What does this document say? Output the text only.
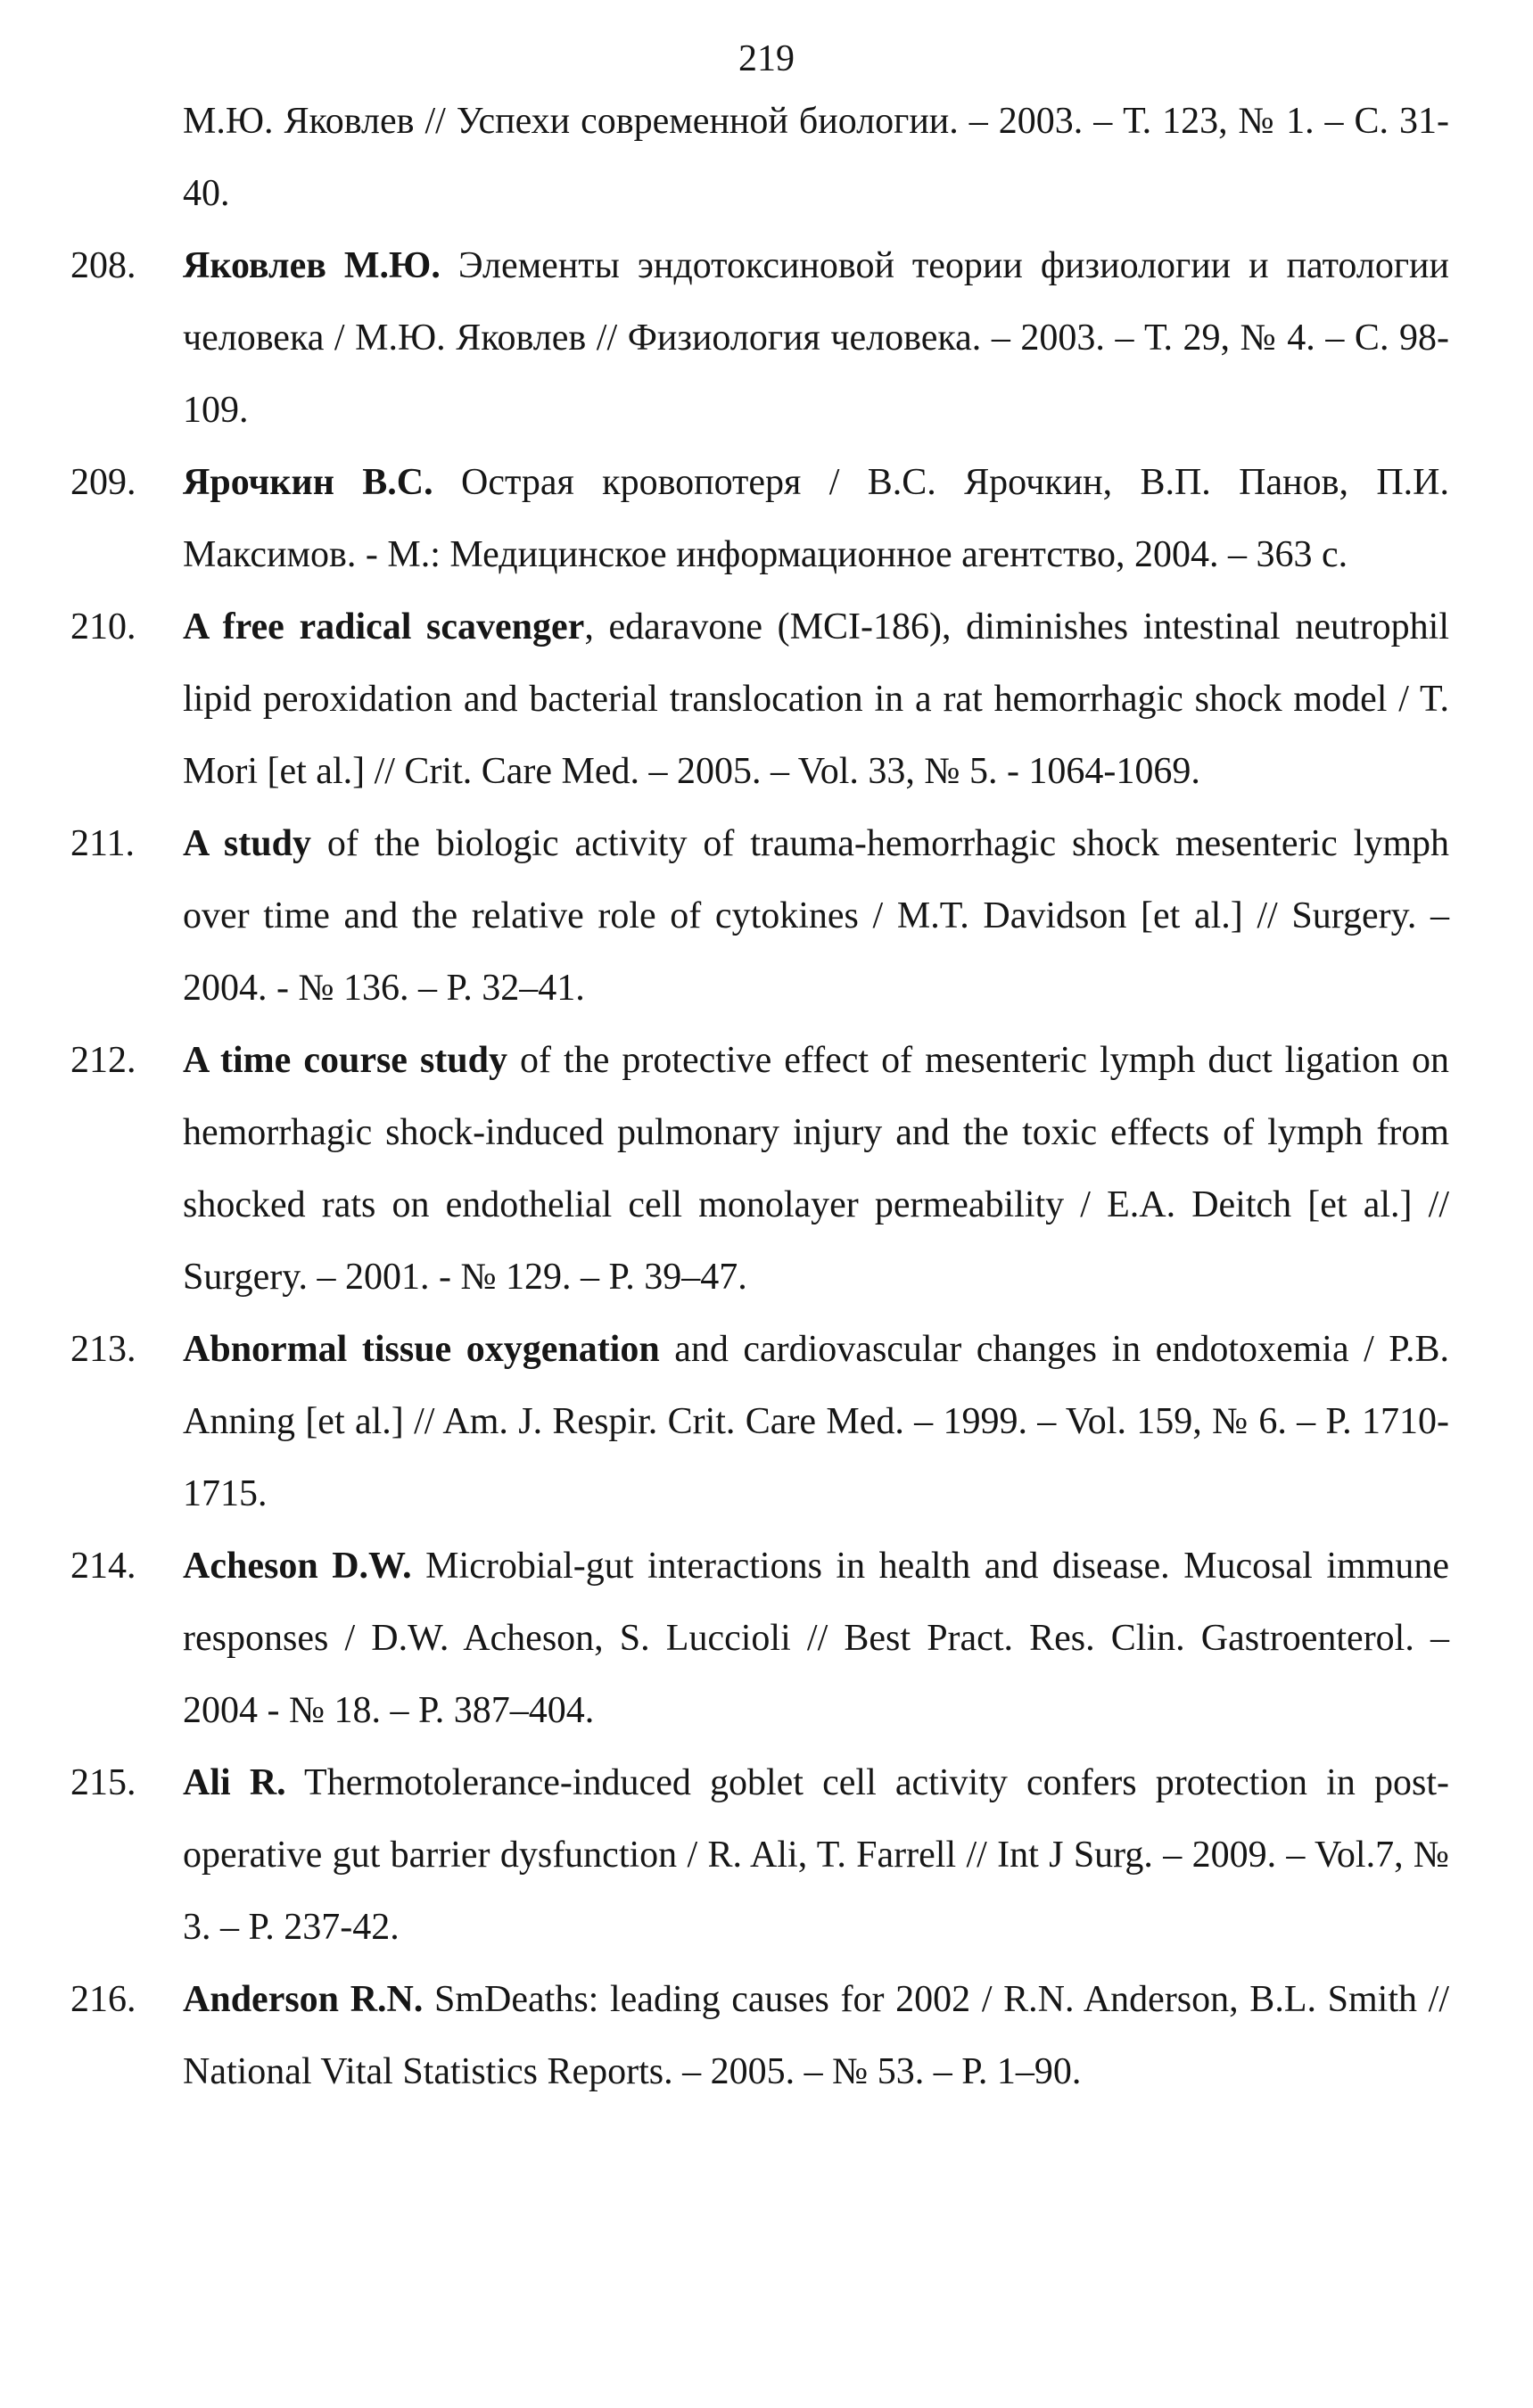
219
М.Ю. Яковлев // Успехи современной биологии. – 2003. – Т. 123, № 1. – С. 31-40.
208.	Яковлев М.Ю. Элементы эндотоксиновой теории физиологии и патологии человека / М.Ю. Яковлев // Физиология человека. – 2003. – Т. 29, № 4. – С. 98-109.
209.	Ярочкин В.С. Острая кровопотеря / В.С. Ярочкин, В.П. Панов, П.И. Максимов. - М.: Медицинское информационное агентство, 2004. – 363 с.
210.	A free radical scavenger, edaravone (MCI-186), diminishes intestinal neutrophil lipid peroxidation and bacterial translocation in a rat hemorrhagic shock model / T. Mori [et al.] // Crit. Care Med. – 2005. – Vol. 33, № 5. - 1064-1069.
211.	A study of the biologic activity of trauma-hemorrhagic shock mesenteric lymph over time and the relative role of cytokines / M.T. Davidson [et al.] // Surgery. – 2004. - № 136. – P. 32–41.
212.	A time course study of the protective effect of mesenteric lymph duct ligation on hemorrhagic shock-induced pulmonary injury and the toxic effects of lymph from shocked rats on endothelial cell monolayer permeability / E.A. Deitch [et al.] // Surgery. – 2001. - № 129. – P. 39–47.
213.	Abnormal tissue oxygenation and cardiovascular changes in endotoxemia / P.B. Anning [et al.] // Am. J. Respir. Crit. Care Med. – 1999. – Vol. 159, № 6. – P. 1710-1715.
214.	Acheson D.W. Microbial-gut interactions in health and disease. Mucosal immune responses / D.W. Acheson, S. Luccioli // Best Pract. Res. Clin. Gastroenterol. – 2004 - № 18. – P. 387–404.
215.	Ali R. Thermotolerance-induced goblet cell activity confers protection in post-operative gut barrier dysfunction / R. Ali, T. Farrell // Int J Surg. – 2009. – Vol.7, № 3. – P. 237-42.
216.	Anderson R.N. SmDeaths: leading causes for 2002 / R.N. Anderson, B.L. Smith // National Vital Statistics Reports. – 2005. – № 53. – P. 1–90.
